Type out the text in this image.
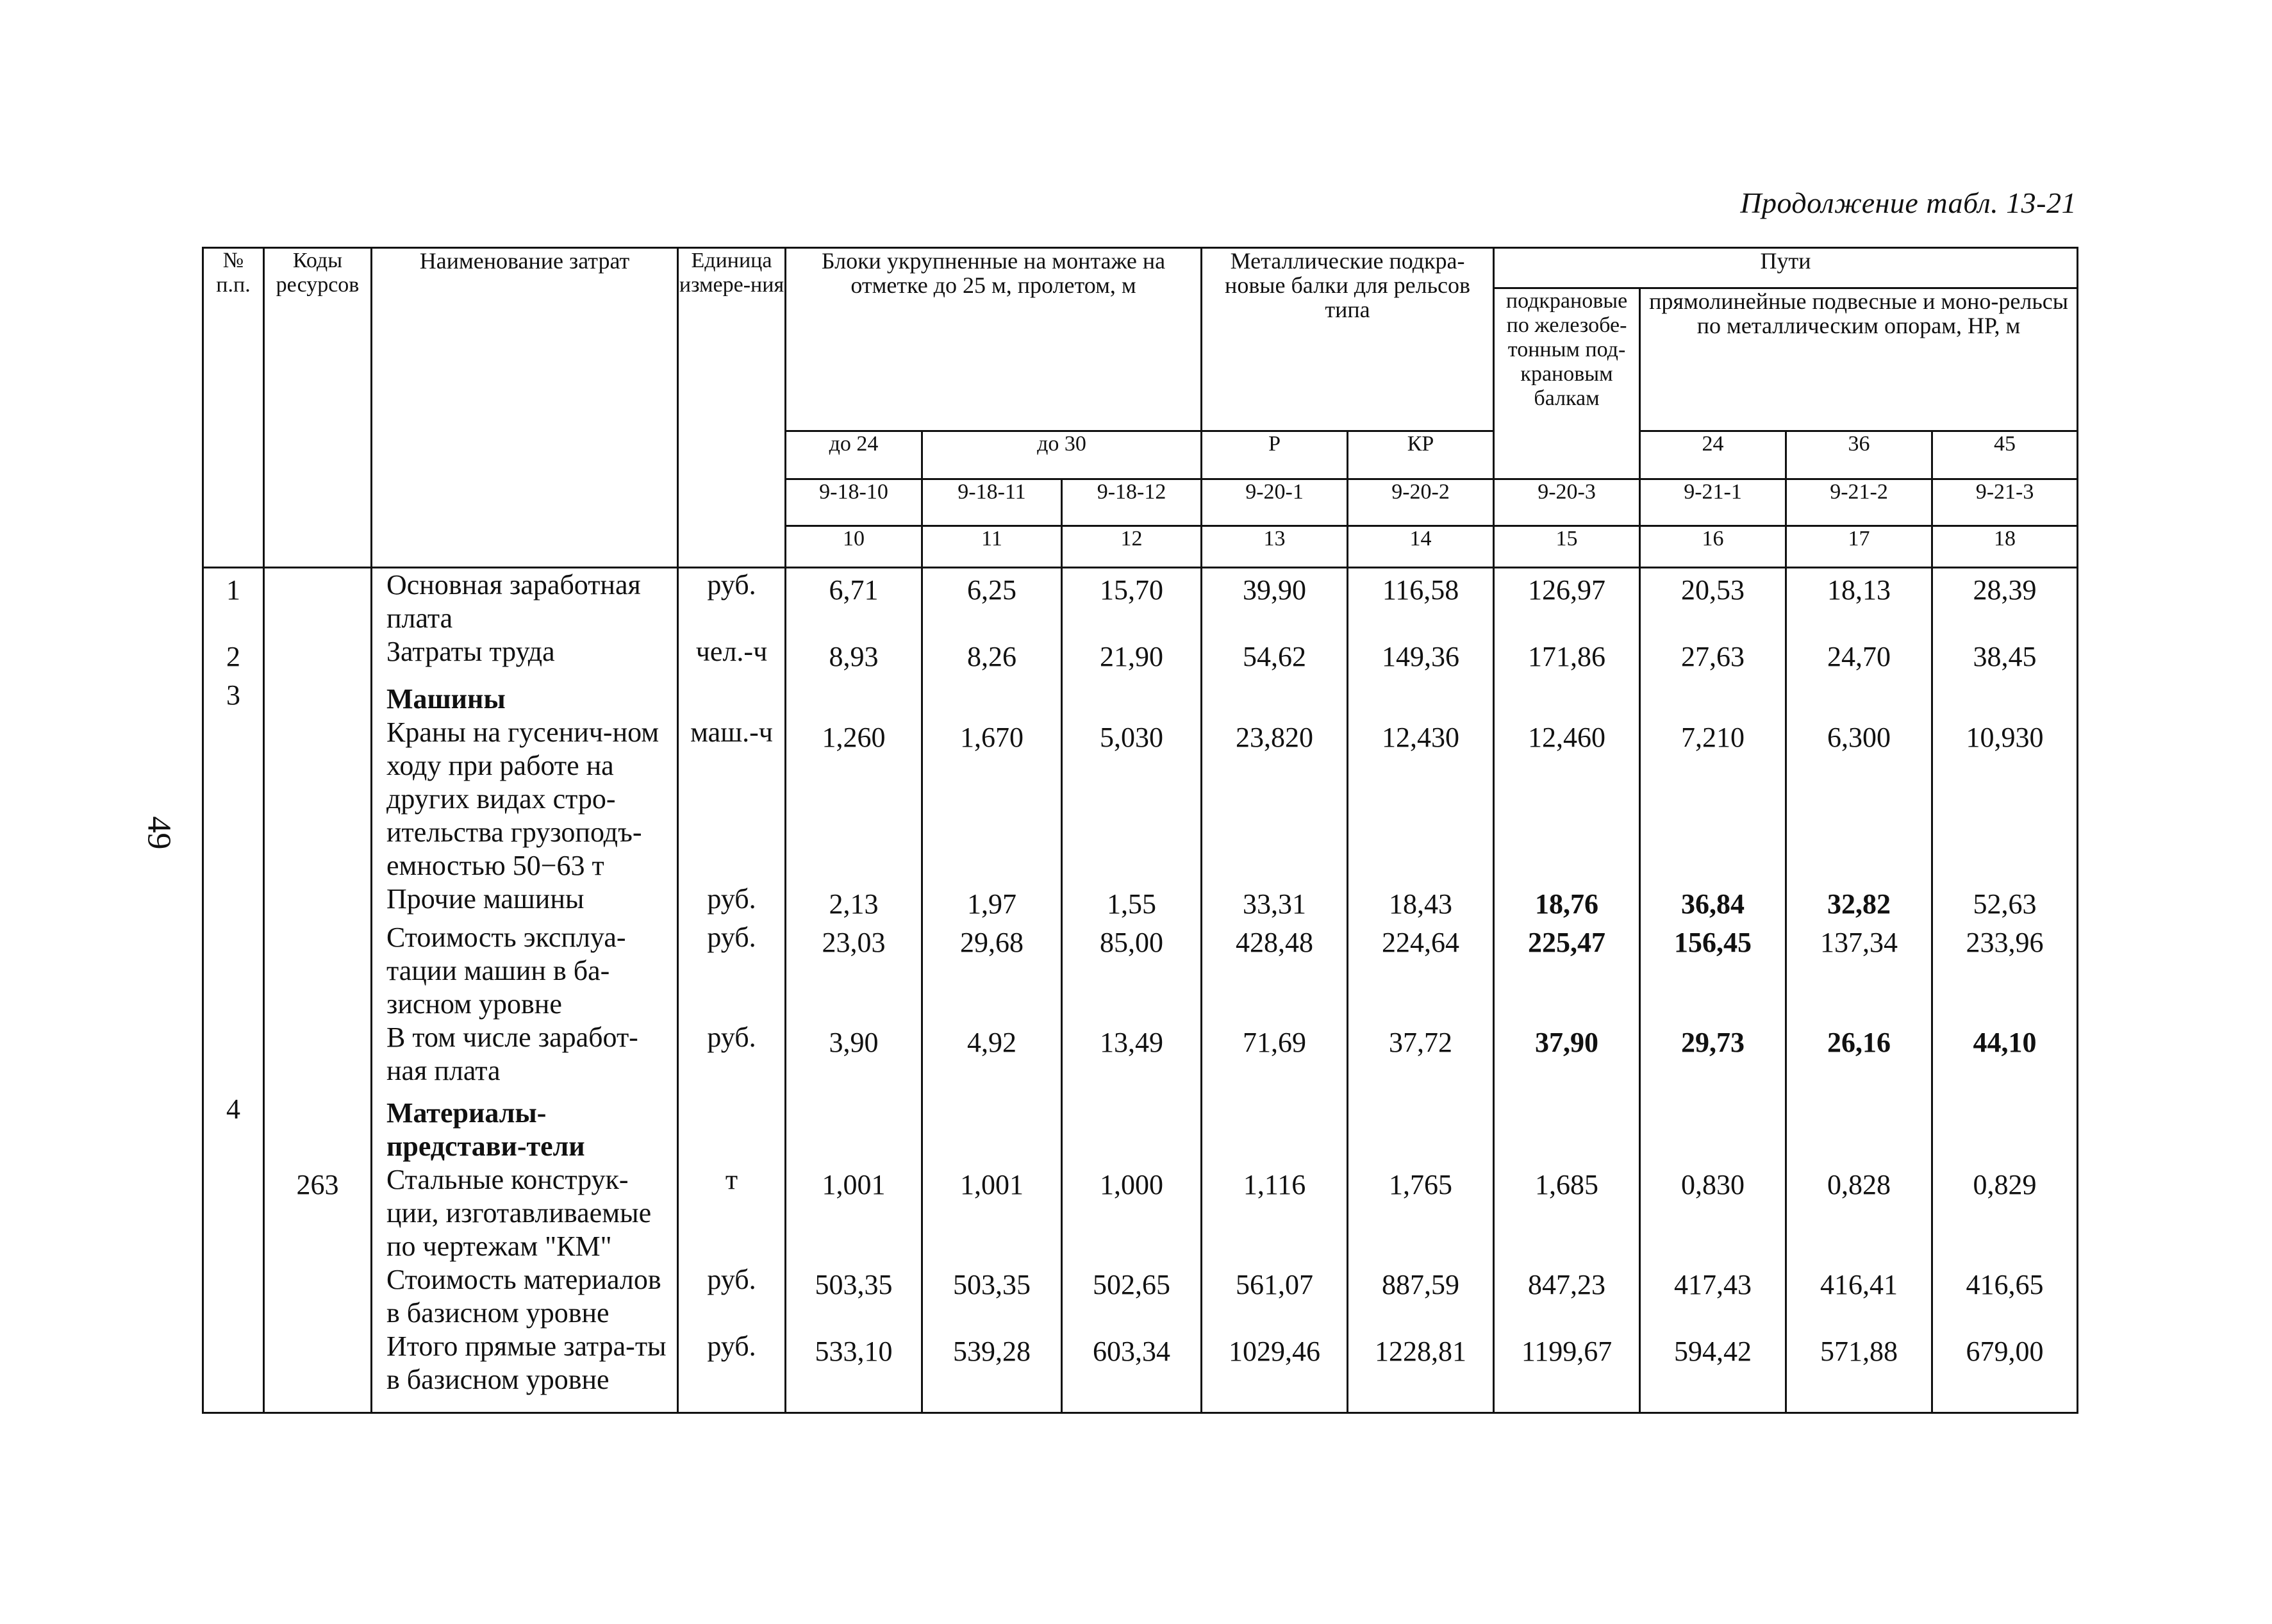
Продолжение табл. 13-21
49
№ п.п.	Коды ресурсов	Наименование затрат	Единица измере-ния	Блоки укрупненные на монтаже на отметке до 25 м, пролетом, м			Металлические подкра-новые балки для рельсов типа		Пути			
									подкрановые по железобе-тонным под-крановым балкам	прямолинейные подвесные и моно-рельсы по металлическим опорам, НР, м		
				до 24	до 30		Р	КР		24	36	45
				9-18-10	9-18-11	9-18-12	9-20-1	9-20-2	9-20-3	9-21-1	9-21-2	9-21-3
				10	11	12	13	14	15	16	17	18
1		Основная заработная плата	руб.	6,71	6,25	15,70	39,90	116,58	126,97	20,53	18,13	28,39
2		Затраты труда	чел.-ч	8,93	8,26	21,90	54,62	149,36	171,86	27,63	24,70	38,45
3		Машины										
		Краны на гусенич-ном ходу при работе на других видах стро-ительства грузоподъ-емностью 50−63 т	маш.-ч	1,260	1,670	5,030	23,820	12,430	12,460	7,210	6,300	10,930
		Прочие машины	руб.	2,13	1,97	1,55	33,31	18,43	18,76	36,84	32,82	52,63
		Стоимость эксплуа-тации машин в ба-зисном уровне	руб.	23,03	29,68	85,00	428,48	224,64	225,47	156,45	137,34	233,96
		В том числе заработ-ная плата	руб.	3,90	4,92	13,49	71,69	37,72	37,90	29,73	26,16	44,10
4		Материалы-представи-тели										
	263	Стальные конструк-ции, изготавливаемые по чертежам "КМ"	т	1,001	1,001	1,000	1,116	1,765	1,685	0,830	0,828	0,829
		Стоимость материалов в базисном уровне	руб.	503,35	503,35	502,65	561,07	887,59	847,23	417,43	416,41	416,65
		Итого прямые затра-ты в базисном уровне	руб.	533,10	539,28	603,34	1029,46	1228,81	1199,67	594,42	571,88	679,00
